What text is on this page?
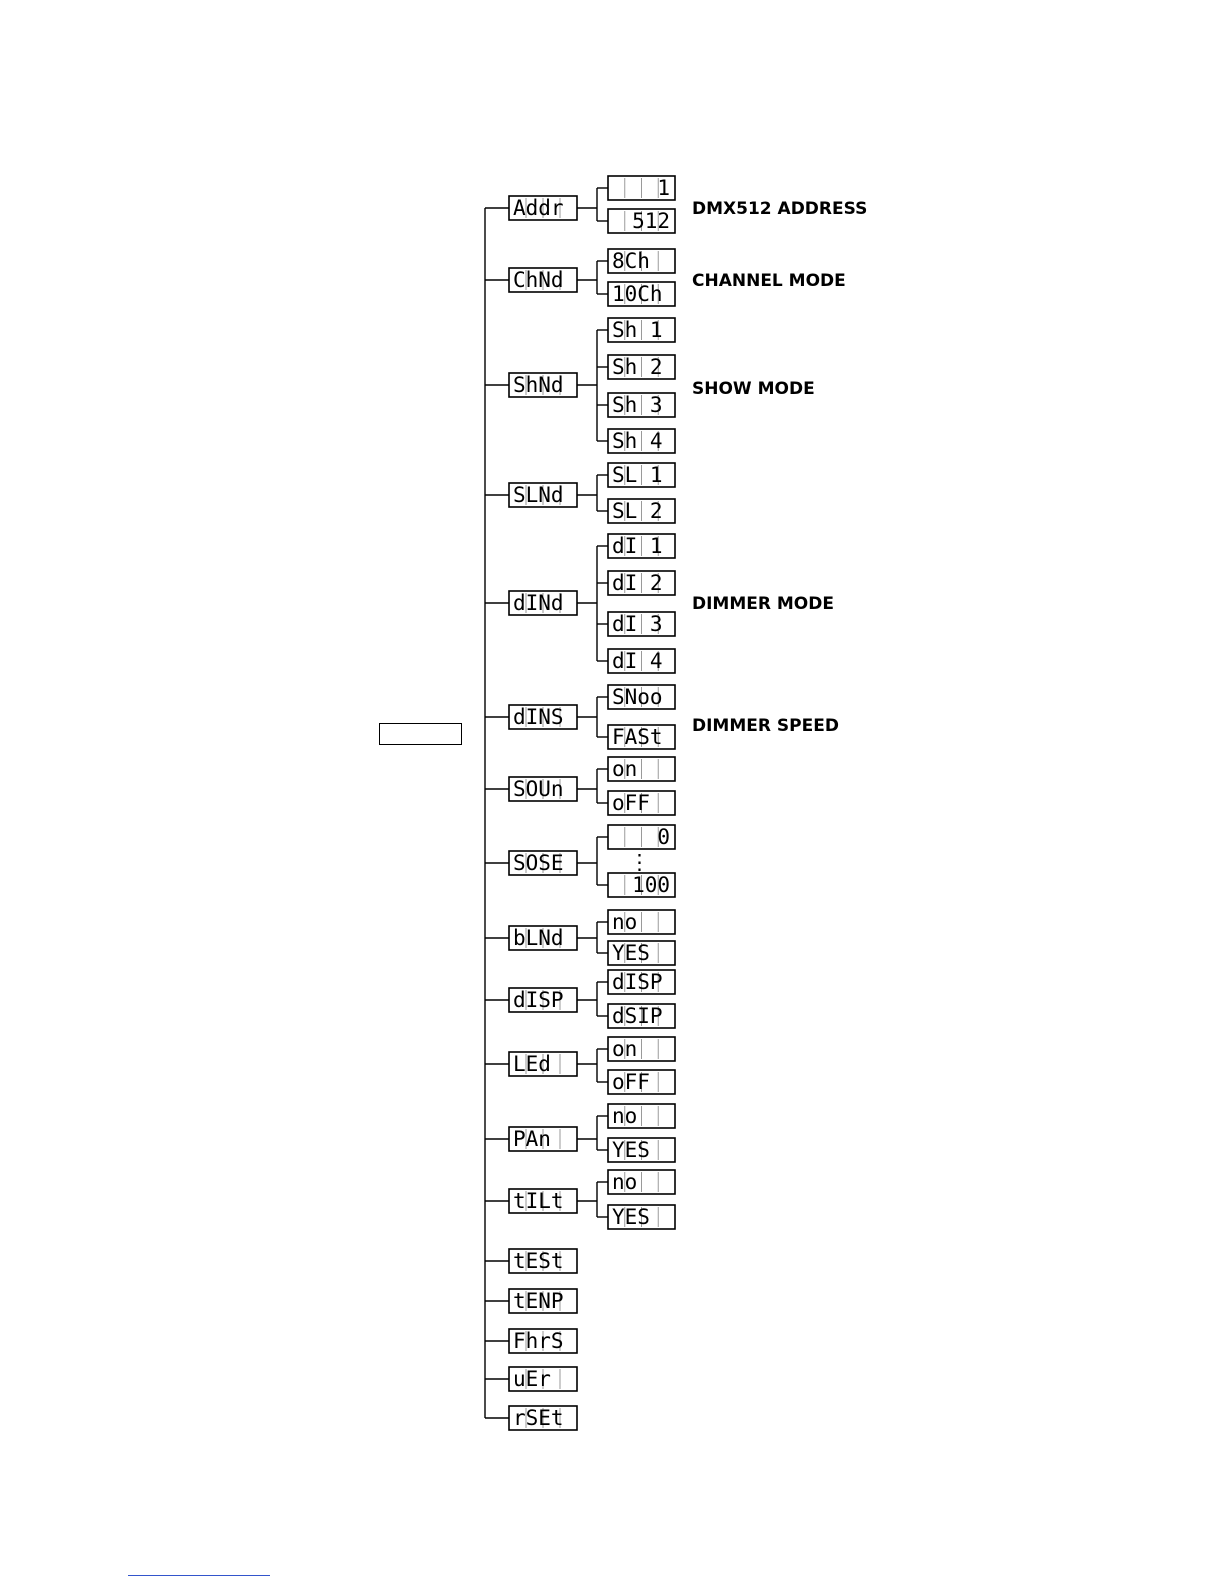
Addr
1
512 DMX512 ADDRESS
ChNd
8Ch
10Ch
CHANNEL MODE
ShNd
Sh 1
Sh 2
Sh 3
Sh 4
SHOW MODE
SLNd
SL 1
SL 2
dINd
dI 1
dI 2
dI 3
dI 4
DIMMER MODE
dINS
SNoo
FASt DIMMER SPEED
SOUn
on
oFF
SOSE
0
100
⋮
bLNd
no
YES
dISP
dISP
dSIP
LEd
on
oFF
PAn
no
YES
tILt
no
YES
tESt
tENP
FhrS
uEr
rSEt
